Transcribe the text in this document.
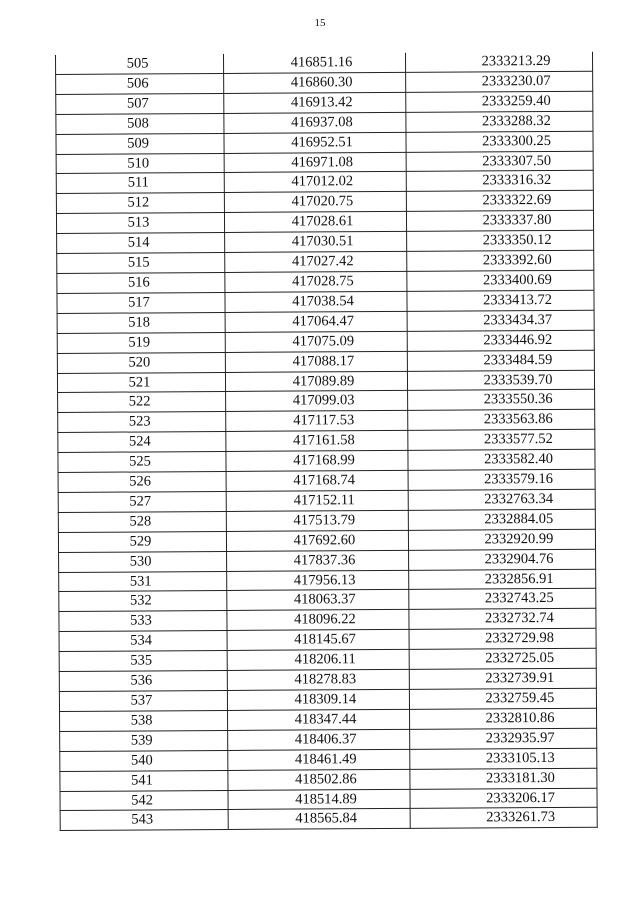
15
505	416851.16	2333213.29
506	416860.30	2333230.07
507	416913.42	2333259.40
508	416937.08	2333288.32
509	416952.51	2333300.25
510	416971.08	2333307.50
511	417012.02	2333316.32
512	417020.75	2333322.69
513	417028.61	2333337.80
514	417030.51	2333350.12
515	417027.42	2333392.60
516	417028.75	2333400.69
517	417038.54	2333413.72
518	417064.47	2333434.37
519	417075.09	2333446.92
520	417088.17	2333484.59
521	417089.89	2333539.70
522	417099.03	2333550.36
523	417117.53	2333563.86
524	417161.58	2333577.52
525	417168.99	2333582.40
526	417168.74	2333579.16
527	417152.11	2332763.34
528	417513.79	2332884.05
529	417692.60	2332920.99
530	417837.36	2332904.76
531	417956.13	2332856.91
532	418063.37	2332743.25
533	418096.22	2332732.74
534	418145.67	2332729.98
535	418206.11	2332725.05
536	418278.83	2332739.91
537	418309.14	2332759.45
538	418347.44	2332810.86
539	418406.37	2332935.97
540	418461.49	2333105.13
541	418502.86	2333181.30
542	418514.89	2333206.17
543	418565.84	2333261.73
